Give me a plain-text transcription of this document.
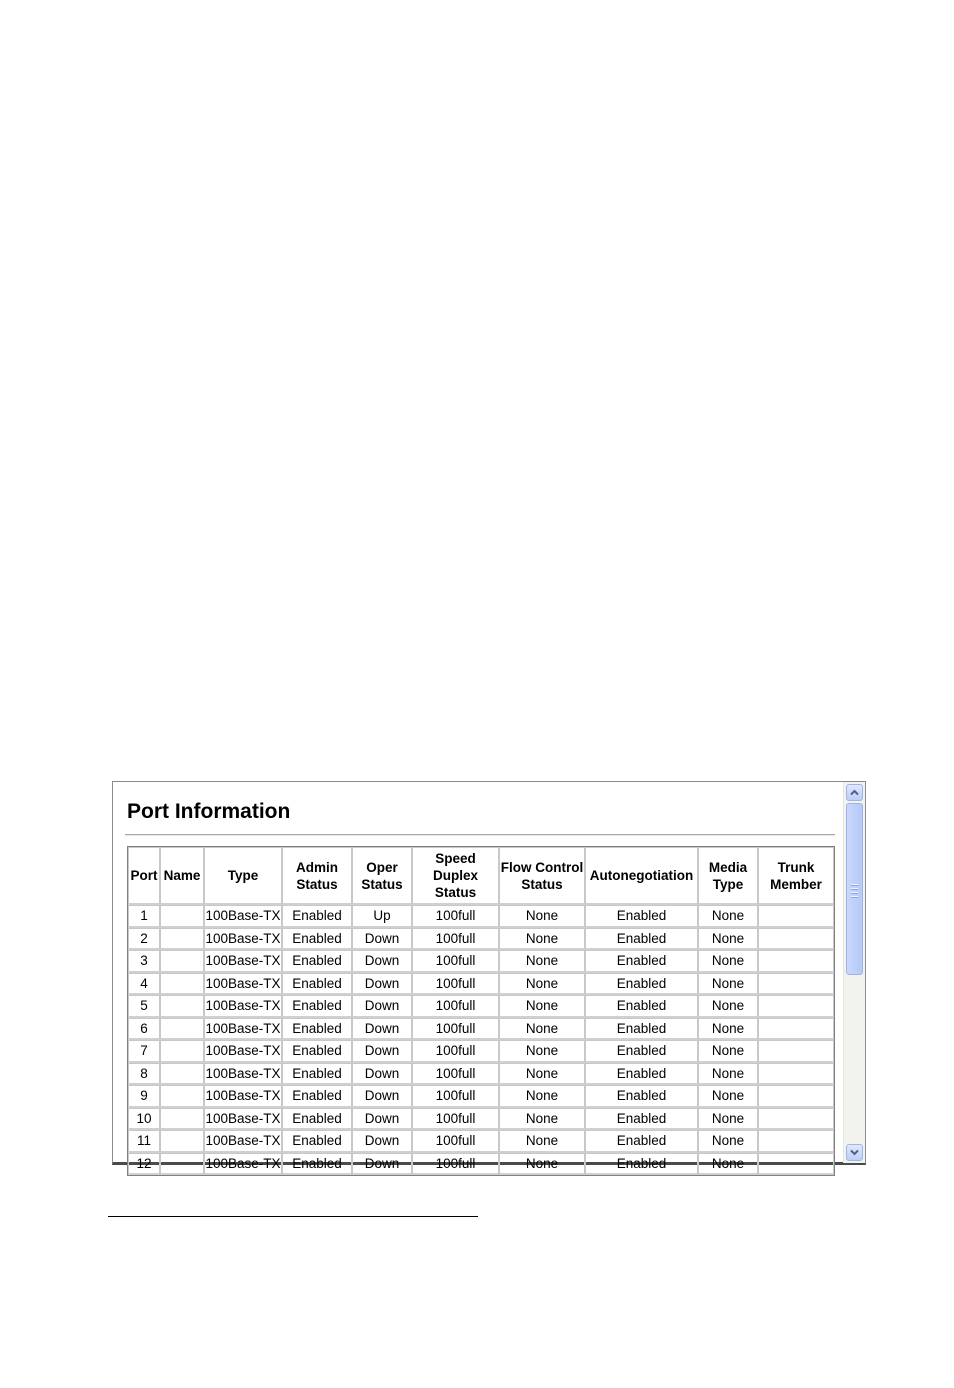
Port Information
Port	Name	Type	Admin Status	Oper Status	Speed Duplex Status	Flow Control Status	Autonegotiation	Media Type	Trunk Member
1		100Base-TX	Enabled	Up	100full	None	Enabled	None	
2		100Base-TX	Enabled	Down	100full	None	Enabled	None	
3		100Base-TX	Enabled	Down	100full	None	Enabled	None	
4		100Base-TX	Enabled	Down	100full	None	Enabled	None	
5		100Base-TX	Enabled	Down	100full	None	Enabled	None	
6		100Base-TX	Enabled	Down	100full	None	Enabled	None	
7		100Base-TX	Enabled	Down	100full	None	Enabled	None	
8		100Base-TX	Enabled	Down	100full	None	Enabled	None	
9		100Base-TX	Enabled	Down	100full	None	Enabled	None	
10		100Base-TX	Enabled	Down	100full	None	Enabled	None	
11		100Base-TX	Enabled	Down	100full	None	Enabled	None	
12		100Base-TX	Enabled	Down	100full	None	Enabled	None	
